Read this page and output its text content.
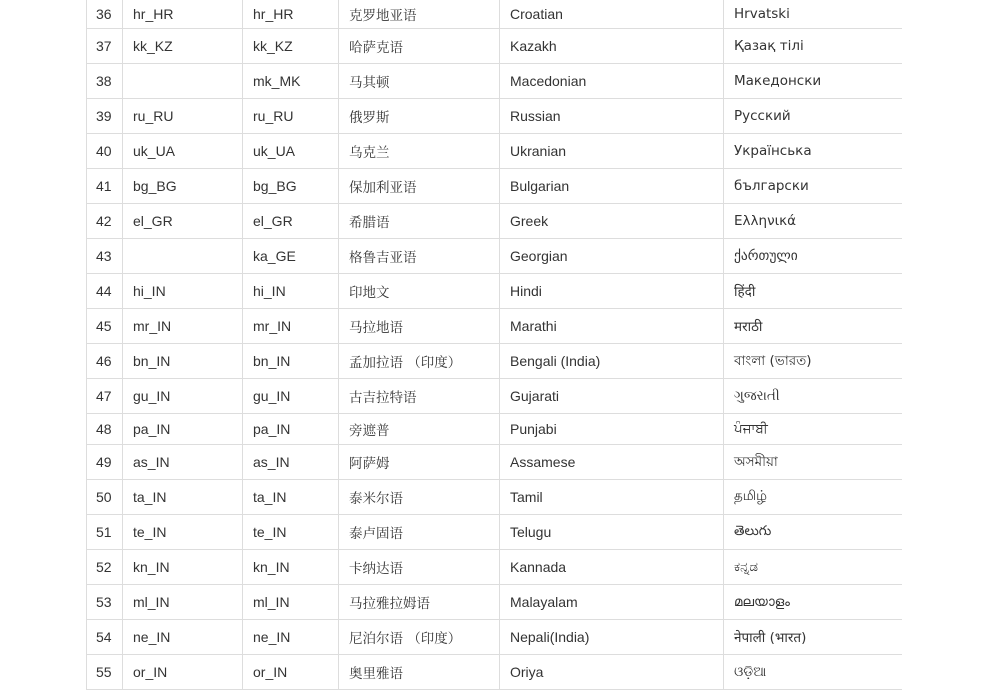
36	hr_HR	hr_HR	克罗地亚语	Croatian	Hrvatski
37	kk_KZ	kk_KZ	哈萨克语	Kazakh	Қазақ тілі
38		mk_MK	马其顿	Macedonian	Македонски
39	ru_RU	ru_RU	俄罗斯	Russian	Русский
40	uk_UA	uk_UA	乌克兰	Ukranian	Українська
41	bg_BG	bg_BG	保加利亚语	Bulgarian	български
42	el_GR	el_GR	希腊语	Greek	Ελληνικά
43		ka_GE	格鲁吉亚语	Georgian	ქართული
44	hi_IN	hi_IN	印地文	Hindi	हिंदी
45	mr_IN	mr_IN	马拉地语	Marathi	मराठी
46	bn_IN	bn_IN	孟加拉语 （印度）	Bengali (India)	বাংলা (ভারত)
47	gu_IN	gu_IN	古吉拉特语	Gujarati	ગુજરાતી
48	pa_IN	pa_IN	旁遮普	Punjabi	ਪੰਜਾਬੀ
49	as_IN	as_IN	阿萨姆	Assamese	অসমীয়া
50	ta_IN	ta_IN	泰米尔语	Tamil	தமிழ்
51	te_IN	te_IN	泰卢固语	Telugu	తెలుగు
52	kn_IN	kn_IN	卡纳达语	Kannada	ಕನ್ನಡ
53	ml_IN	ml_IN	马拉雅拉姆语	Malayalam	മലയാളം
54	ne_IN	ne_IN	尼泊尔语 （印度）	Nepali(India)	नेपाली (भारत)
55	or_IN	or_IN	奥里雅语	Oriya	ଓଡ଼ିଆ
